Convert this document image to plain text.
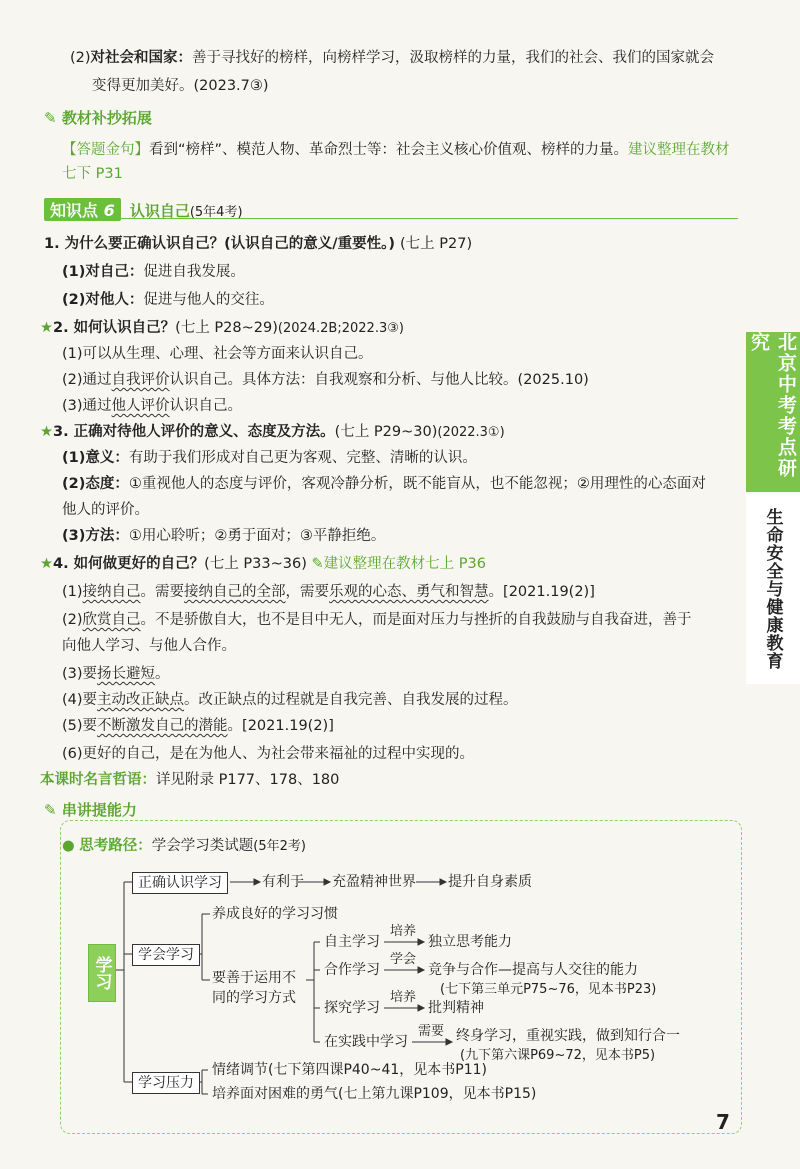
(2)对社会和国家：善于寻找好的榜样，向榜样学习，汲取榜样的力量，我们的社会、我们的国家就会
变得更加美好。(2023.7③)
✎ 教材补抄拓展
【答题金句】看到“榜样”、模范人物、革命烈士等：社会主义核心价值观、榜样的力量。建议整理在教材
七下 P31
知识点 6 认识自己(5年4考)
1. 为什么要正确认识自己？(认识自己的意义/重要性。) (七上 P27)
(1)对自己：促进自我发展。
(2)对他人：促进与他人的交往。
★2. 如何认识自己？(七上 P28~29)(2024.2B;2022.3③)
(1)可以从生理、心理、社会等方面来认识自己。
(2)通过自我评价认识自己。具体方法：自我观察和分析、与他人比较。(2025.10)
(3)通过他人评价认识自己。
★3. 正确对待他人评价的意义、态度及方法。(七上 P29~30)(2022.3①)
(1)意义：有助于我们形成对自己更为客观、完整、清晰的认识。
(2)态度：①重视他人的态度与评价，客观冷静分析，既不能盲从，也不能忽视；②用理性的心态面对
他人的评价。
(3)方法：①用心聆听；②勇于面对；③平静拒绝。
★4. 如何做更好的自己？(七上 P33~36) ✎建议整理在教材七上 P36
(1)接纳自己。需要接纳自己的全部，需要乐观的心态、勇气和智慧。[2021.19(2)]
(2)欣赏自己。不是骄傲自大，也不是目中无人，而是面对压力与挫折的自我鼓励与自我奋进，善于
向他人学习、与他人合作。
(3)要扬长避短。
(4)要主动改正缺点。改正缺点的过程就是自我完善、自我发展的过程。
(5)要不断激发自己的潜能。[2021.19(2)]
(6)更好的自己，是在为他人、为社会带来福祉的过程中实现的。
本课时名言哲语：详见附录 P177、178、180
✎ 串讲提能力
● 思考路径：学会学习类试题(5年2考)
学习
正确认识学习	有利于 充盈精神世界 提升自身素质
学会学习
养成良好的学习习惯
要善于运用不
同的学习方式
自主学习
培养
独立思考能力
合作学习
学会
竞争与合作—提高与人交往的能力
(七下第三单元P75~76，见本书P23)
探究学习
培养
批判精神
在实践中学习
需要 终身学习，重视实践，做到知行合一
(九下第六课P69~72，见本书P5)
学习压力
情绪调节(七下第四课P40~41，见本书P11)
培养面对困难的勇气(七上第九课P109，见本书P15)
北京中考考点研究
生命安全与健康教育
7
